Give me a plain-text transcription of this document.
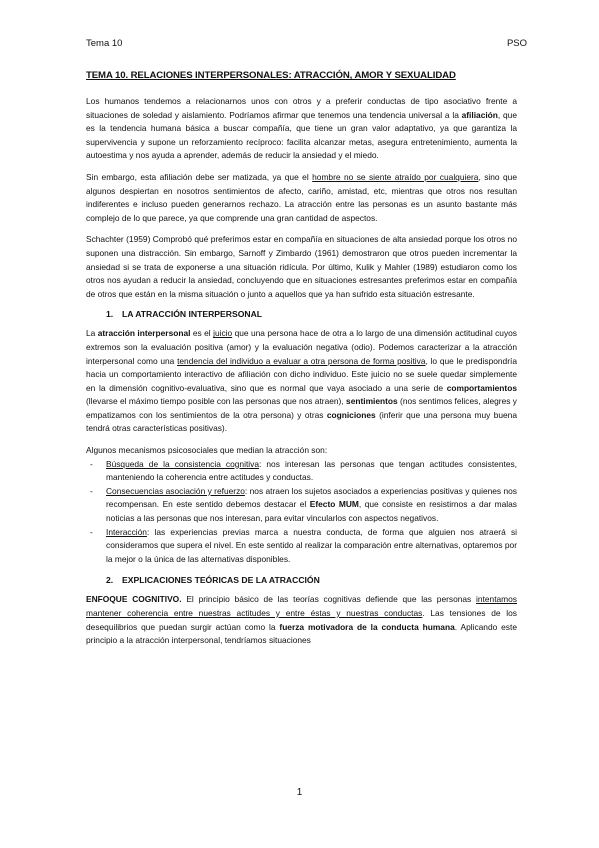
Tema 10	PSO
TEMA 10. RELACIONES INTERPERSONALES: ATRACCIÓN, AMOR Y SEXUALIDAD

Los humanos tendemos a relacionarnos unos con otros y a preferir conductas de tipo asociativo frente a situaciones de soledad y aislamiento. Podríamos afirmar que tenemos una tendencia universal a la afiliación, que es la tendencia humana básica a buscar compañía, que tiene un gran valor adaptativo, ya que garantiza la supervivencia y supone un reforzamiento recíproco: facilita alcanzar metas, asegura entretenimiento, aumenta la autoestima y nos ayuda a aprender, además de reducir la ansiedad y el miedo.

Sin embargo, esta afiliación debe ser matizada, ya que el hombre no se siente atraído por cualquiera, sino que algunos despiertan en nosotros sentimientos de afecto, cariño, amistad, etc, mientras que otros nos resultan indiferentes e incluso pueden generarnos rechazo. La atracción entre las personas es un asunto bastante más complejo de lo que parece, ya que comprende una gran cantidad de aspectos.

Schachter (1959) Comprobó qué preferimos estar en compañía en situaciones de alta ansiedad porque los otros no suponen una distracción. Sin embargo, Sarnoff y Zimbardo (1961) demostraron que otros pueden incrementar la ansiedad si se trata de exponerse a una situación ridícula. Por último, Kulik y Mahler (1989) estudiaron como los otros nos ayudan a reducir la ansiedad, concluyendo que en situaciones estresantes preferimos estar en compañía de otros que están en la misma situación o junto a aquellos que ya han sufrido esta situación estresante.

1. LA ATRACCIÓN INTERPERSONAL

La atracción interpersonal es el juicio que una persona hace de otra a lo largo de una dimensión actitudinal cuyos extremos son la evaluación positiva (amor) y la evaluación negativa (odio). Podemos caracterizar a la atracción interpersonal como una tendencia del individuo a evaluar a otra persona de forma positiva, lo que le predispondría hacia un comportamiento interactivo de afiliación con dicho individuo. Este juicio no se suele quedar simplemente en la dimensión cognitivo-evaluativa, sino que es normal que vaya asociado a una serie de comportamientos (llevarse el máximo tiempo posible con las personas que nos atraen), sentimientos (nos sentimos felices, alegres y empatizamos con los sentimientos de la otra persona) y otras cogniciones (inferir que una persona muy buena tendrá otras características positivas).

Algunos mecanismos psicosociales que median la atracción son:

- Búsqueda de la consistencia cognitiva: nos interesan las personas que tengan actitudes consistentes, manteniendo la coherencia entre actitudes y conductas.
- Consecuencias asociación y refuerzo: nos atraen los sujetos asociados a experiencias positivas y quienes nos recompensan. En este sentido debemos destacar el Efecto MUM, que consiste en resistirnos a dar malas noticias a las personas que nos interesan, para evitar vincularlos con aspectos negativos.
- Interacción: las experiencias previas marca a nuestra conducta, de forma que alguien nos atraerá si consideramos que supera el nivel. En este sentido al realizar la comparación entre alternativas, optaremos por la mejor o la única de las alternativas disponibles.
2. EXPLICACIONES TEÓRICAS DE LA ATRACCIÓN

ENFOQUE COGNITIVO. El principio básico de las teorías cognitivas defiende que las personas intentamos mantener coherencia entre nuestras actitudes y entre éstas y nuestras conductas. Las tensiones de los desequilibrios que puedan surgir actúan como la fuerza motivadora de la conducta humana. Aplicando este principio a la atracción interpersonal, tendríamos situaciones

1
